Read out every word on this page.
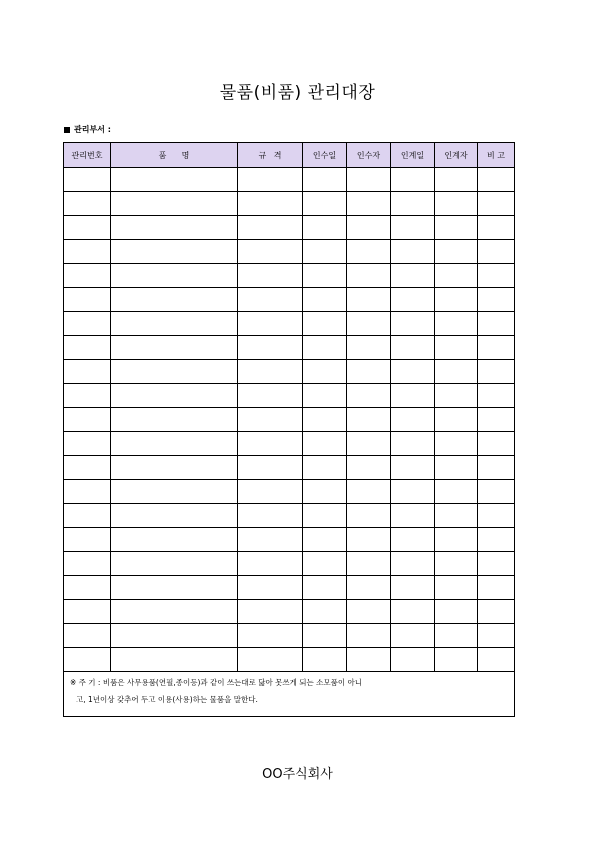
물품(비품) 관리대장
관리부서 :
관리번호	품      명	규   격	인수일	인수자	인계일	인계자	비 고

※ 주 기 : 비품은 사무용품(연필,종이등)과 같이 쓰는대로 닳아 못쓰게 되는 소모품이 아니
고, 1년이상 갖추어 두고 이용(사용)하는 물품을 말한다.							
OO주식회사
